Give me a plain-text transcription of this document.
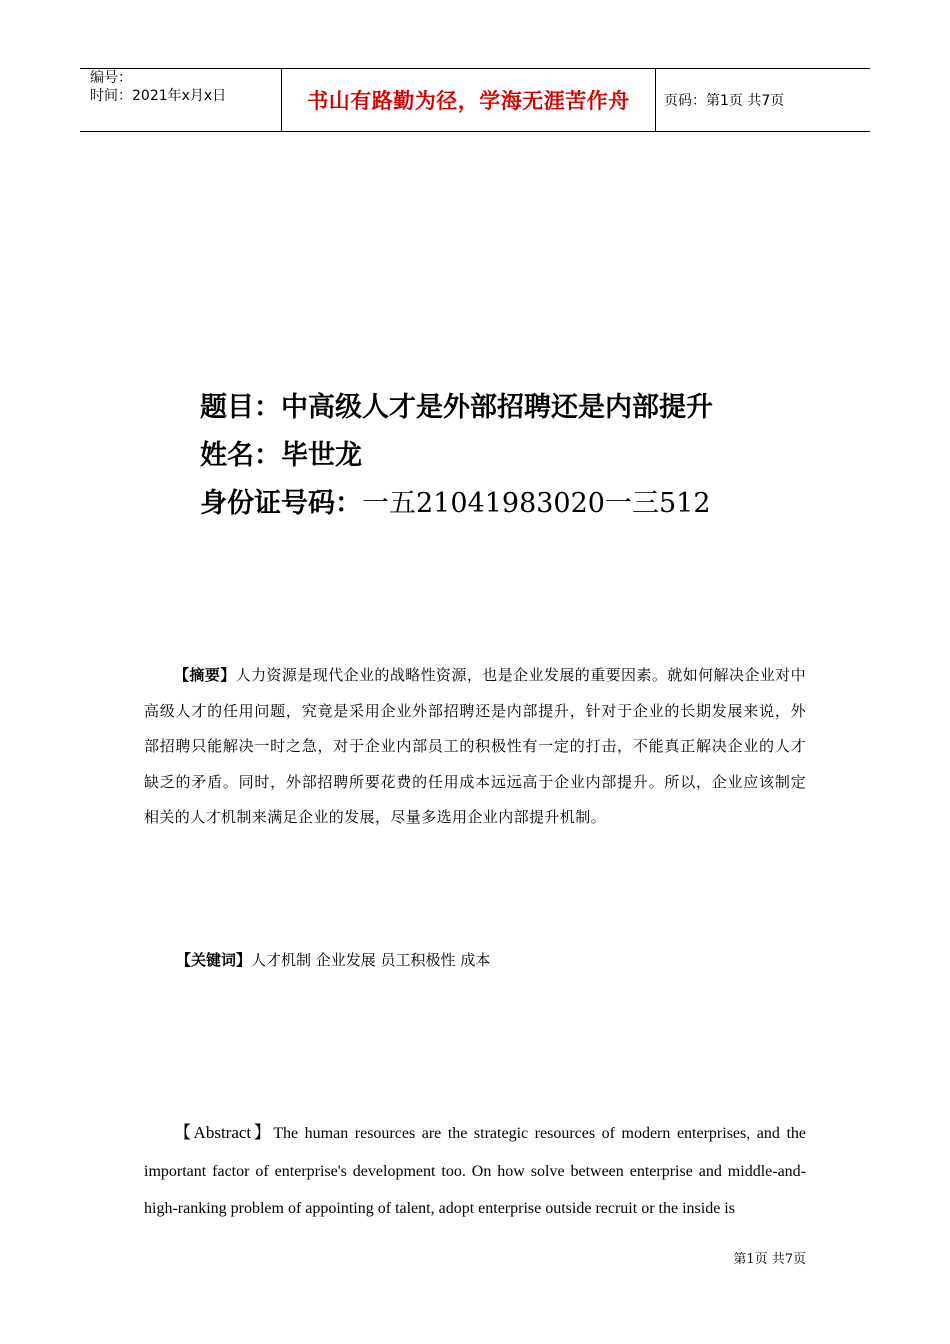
编号：
时间：2021年x月x日	书山有路勤为径，学海无涯苦作舟 页码：第1页 共7页
题目：中高级人才是外部招聘还是内部提升
姓名：毕世龙
身份证号码：一五21041983020一三512
【摘要】人力资源是现代企业的战略性资源，也是企业发展的重要因素。就如何解决企业对中高级人才的任用问题，究竟是采用企业外部招聘还是内部提升，针对于企业的长期发展来说，外部招聘只能解决一时之急，对于企业内部员工的积极性有一定的打击，不能真正解决企业的人才缺乏的矛盾。同时，外部招聘所要花费的任用成本远远高于企业内部提升。所以，企业应该制定相关的人才机制来满足企业的发展，尽量多选用企业内部提升机制。
【关键词】人才机制 企业发展 员工积极性 成本
【Abstract】The human resources are the strategic resources of modern enterprises, and the important factor of enterprise's development too. On how solve between enterprise and middle-and-high-ranking problem of appointing of talent, adopt enterprise outside recruit or the inside is
第1页 共7页
